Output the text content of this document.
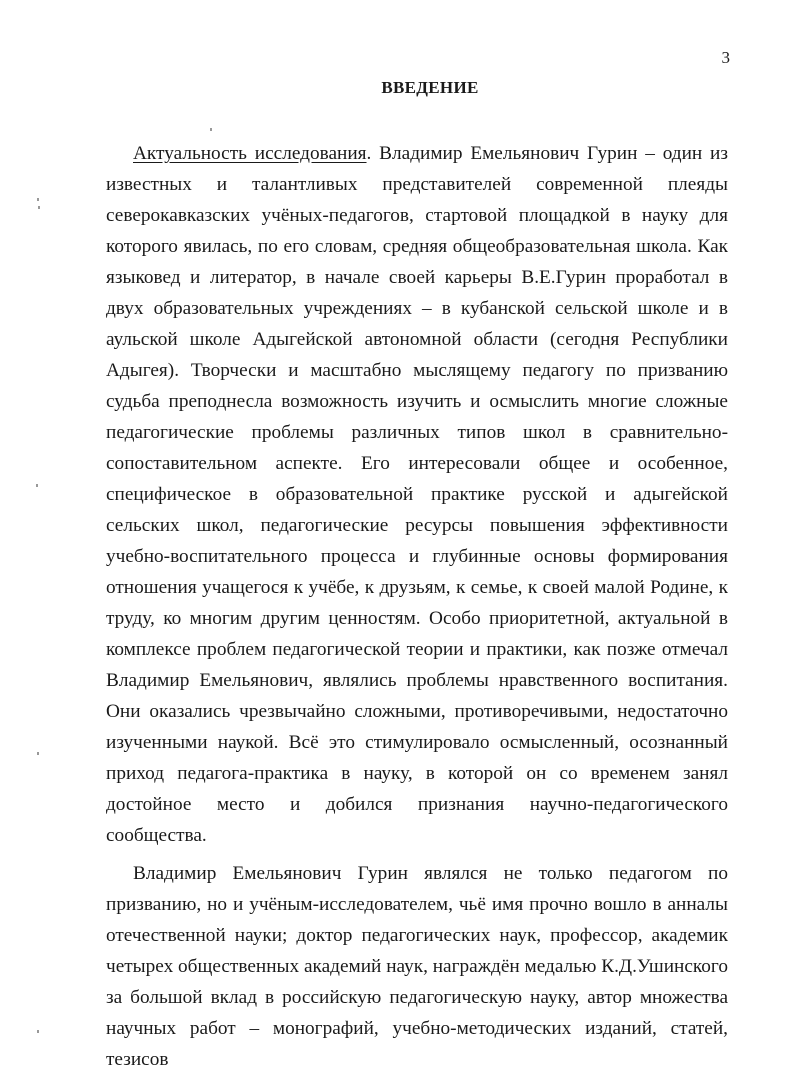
3
ВВЕДЕНИЕ

Актуальность исследования. Владимир Емельянович Гурин – один из известных и талантливых представителей современной плеяды северокавказских учёных-педагогов, стартовой площадкой в науку для которого явилась, по его словам, средняя общеобразовательная школа. Как языковед и литератор, в начале своей карьеры В.Е.Гурин проработал в двух образовательных учреждениях – в кубанской сельской школе и в аульской школе Адыгейской автономной области (сегодня Республики Адыгея). Творчески и масштабно мыслящему педагогу по призванию судьба преподнесла возможность изучить и осмыслить многие сложные педагогические проблемы различных типов школ в сравнительно-сопоставительном аспекте. Его интересовали общее и особенное, специфическое в образовательной практике русской и адыгейской сельских школ, педагогические ресурсы повышения эффективности учебно-воспитательного процесса и глубинные основы формирования отношения учащегося к учёбе, к друзьям, к семье, к своей малой Родине, к труду, ко многим другим ценностям. Особо приоритетной, актуальной в комплексе проблем педагогической теории и практики, как позже отмечал Владимир Емельянович, являлись проблемы нравственного воспитания. Они оказались чрезвычайно сложными, противоречивыми, недостаточно изученными наукой. Всё это стимулировало осмысленный, осознанный приход педагога-практика в науку, в которой он со временем занял достойное место и добился признания научно-педагогического сообщества.

Владимир Емельянович Гурин являлся не только педагогом по призванию, но и учёным-исследователем, чьё имя прочно вошло в анналы отечественной науки; доктор педагогических наук, профессор, академик четырех общественных академий наук, награждён медалью К.Д.Ушинского за большой вклад в российскую педагогическую науку, автор множества научных работ – монографий, учебно-методических изданий, статей, тезисов
